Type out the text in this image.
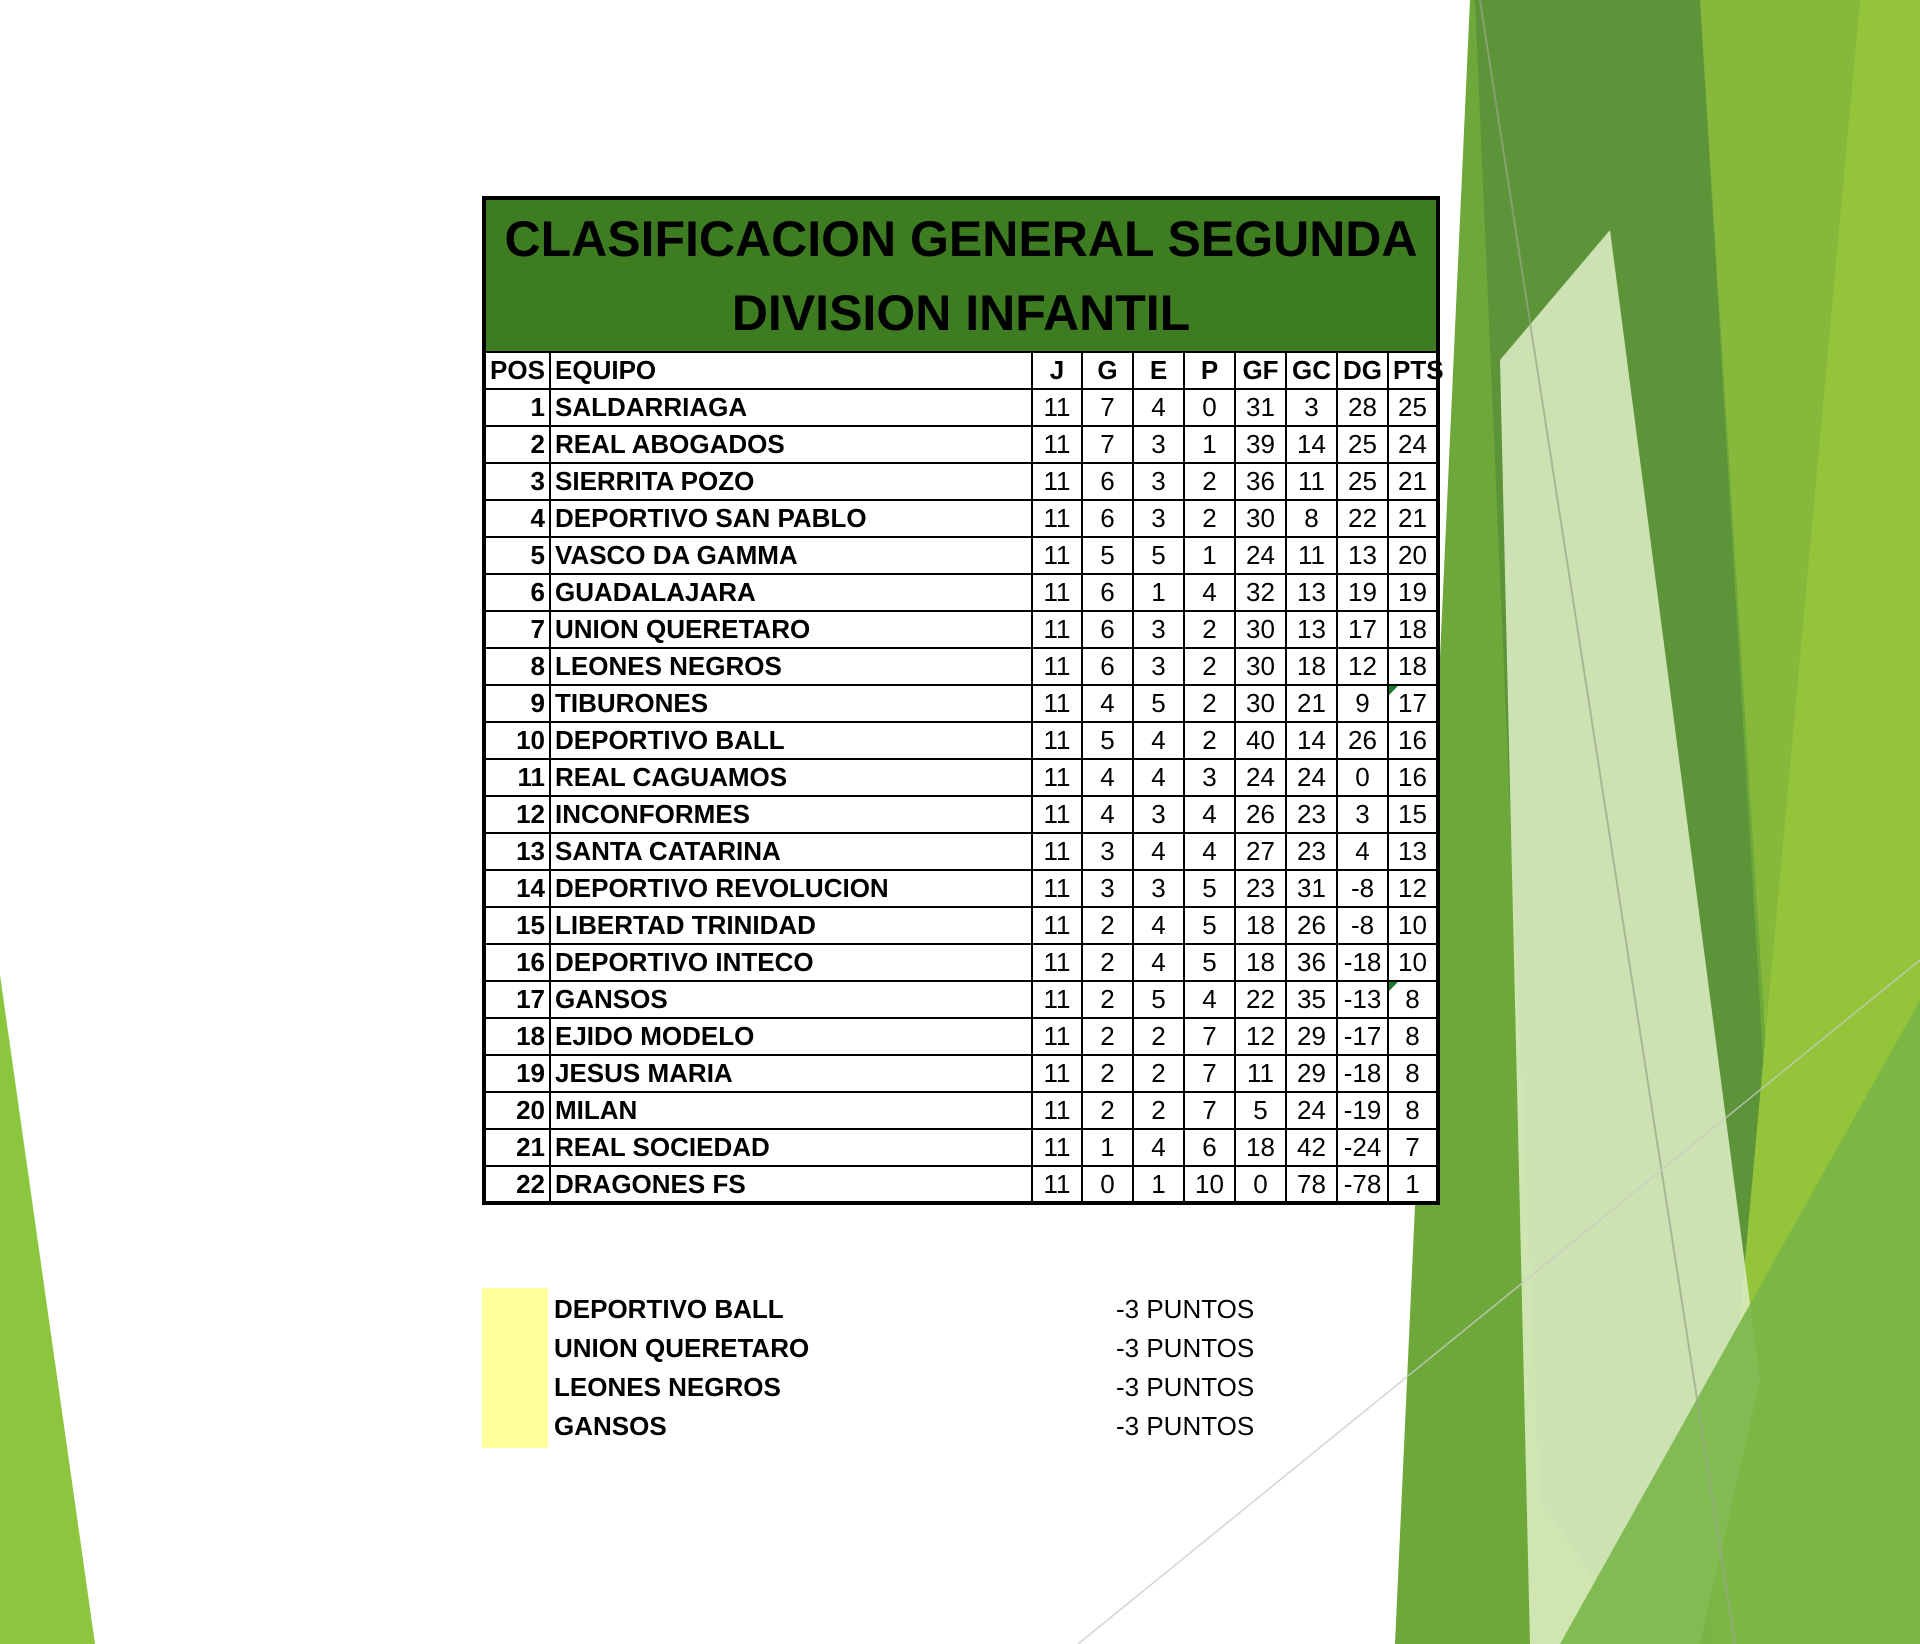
CLASIFICACION GENERAL SEGUNDA
DIVISION INFANTIL									
POS	EQUIPO	J	G	E	P	GF	GC	DG	PTS
1	SALDARRIAGA	11	7	4	0	31	3	28	25
2	REAL ABOGADOS	11	7	3	1	39	14	25	24
3	SIERRITA POZO	11	6	3	2	36	11	25	21
4	DEPORTIVO SAN PABLO	11	6	3	2	30	8	22	21
5	VASCO DA GAMMA	11	5	5	1	24	11	13	20
6	GUADALAJARA	11	6	1	4	32	13	19	19
7	UNION QUERETARO	11	6	3	2	30	13	17	18
8	LEONES NEGROS	11	6	3	2	30	18	12	18
9	TIBURONES	11	4	5	2	30	21	9	17
10	DEPORTIVO BALL	11	5	4	2	40	14	26	16
11	REAL CAGUAMOS	11	4	4	3	24	24	0	16
12	INCONFORMES	11	4	3	4	26	23	3	15
13	SANTA CATARINA	11	3	4	4	27	23	4	13
14	DEPORTIVO REVOLUCION	11	3	3	5	23	31	-8	12
15	LIBERTAD TRINIDAD	11	2	4	5	18	26	-8	10
16	DEPORTIVO INTECO	11	2	4	5	18	36	-18	10
17	GANSOS	11	2	5	4	22	35	-13	8
18	EJIDO MODELO	11	2	2	7	12	29	-17	8
19	JESUS MARIA	11	2	2	7	11	29	-18	8
20	MILAN	11	2	2	7	5	24	-19	8
21	REAL SOCIEDAD	11	1	4	6	18	42	-24	7
22	DRAGONES FS	11	0	1	10	0	78	-78	1
DEPORTIVO BALL	-3 PUNTOS
UNION QUERETARO	-3 PUNTOS
LEONES NEGROS	-3 PUNTOS
GANSOS	-3 PUNTOS
